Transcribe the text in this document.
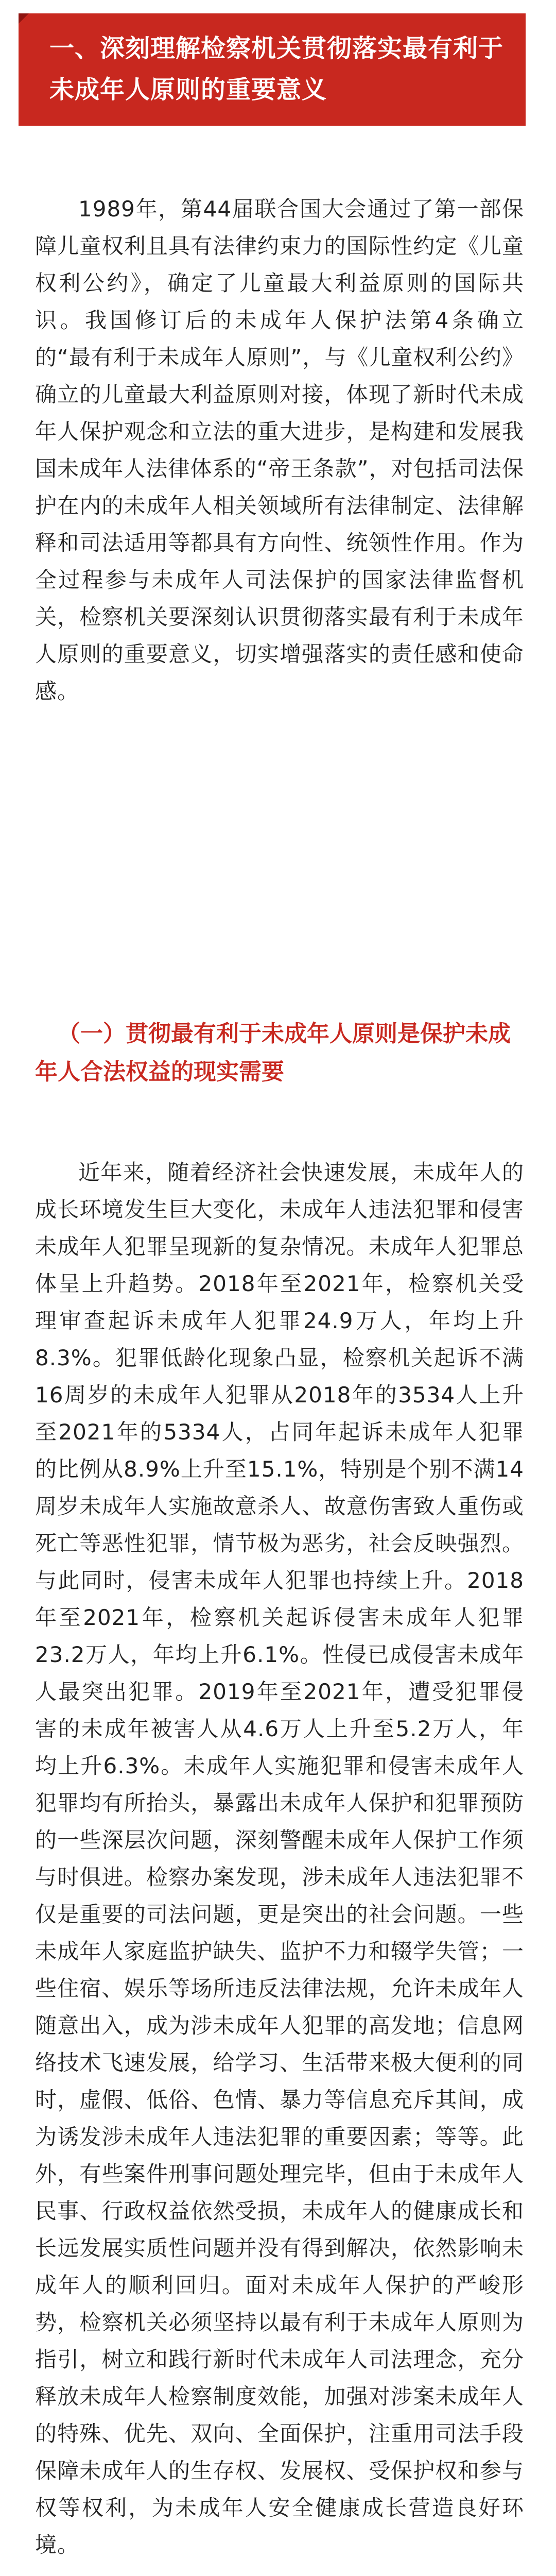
一、深刻理解检察机关贯彻落实最有利于未成年人原则的重要意义

1989年，第44届联合国大会通过了第一部保障儿童权利且具有法律约束力的国际性约定《儿童权利公约》，确定了儿童最大利益原则的国际共识。我国修订后的未成年人保护法第4条确立的“最有利于未成年人原则”，与《儿童权利公约》确立的儿童最大利益原则对接，体现了新时代未成年人保护观念和立法的重大进步，是构建和发展我国未成年人法律体系的“帝王条款”，对包括司法保护在内的未成年人相关领域所有法律制定、法律解释和司法适用等都具有方向性、统领性作用。作为全过程参与未成年人司法保护的国家法律监督机关，检察机关要深刻认识贯彻落实最有利于未成年人原则的重要意义，切实增强落实的责任感和使命感。

（一）贯彻最有利于未成年人原则是保护未成年人合法权益的现实需要

近年来，随着经济社会快速发展，未成年人的成长环境发生巨大变化，未成年人违法犯罪和侵害未成年人犯罪呈现新的复杂情况。未成年人犯罪总体呈上升趋势。2018年至2021年，检察机关受理审查起诉未成年人犯罪24.9万人，年均上升8.3%。犯罪低龄化现象凸显，检察机关起诉不满16周岁的未成年人犯罪从2018年的3534人上升至2021年的5334人，占同年起诉未成年人犯罪的比例从8.9%上升至15.1%，特别是个别不满14周岁未成年人实施故意杀人、故意伤害致人重伤或死亡等恶性犯罪，情节极为恶劣，社会反映强烈。与此同时，侵害未成年人犯罪也持续上升。2018年至2021年，检察机关起诉侵害未成年人犯罪23.2万人，年均上升6.1%。性侵已成侵害未成年人最突出犯罪。2019年至2021年，遭受犯罪侵害的未成年被害人从4.6万人上升至5.2万人，年均上升6.3%。未成年人实施犯罪和侵害未成年人犯罪均有所抬头，暴露出未成年人保护和犯罪预防的一些深层次问题，深刻警醒未成年人保护工作须与时俱进。检察办案发现，涉未成年人违法犯罪不仅是重要的司法问题，更是突出的社会问题。一些未成年人家庭监护缺失、监护不力和辍学失管；一些住宿、娱乐等场所违反法律法规，允许未成年人随意出入，成为涉未成年人犯罪的高发地；信息网络技术飞速发展，给学习、生活带来极大便利的同时，虚假、低俗、色情、暴力等信息充斥其间，成为诱发涉未成年人违法犯罪的重要因素；等等。此外，有些案件刑事问题处理完毕，但由于未成年人民事、行政权益依然受损，未成年人的健康成长和长远发展实质性问题并没有得到解决，依然影响未成年人的顺利回归。面对未成年人保护的严峻形势，检察机关必须坚持以最有利于未成年人原则为指引，树立和践行新时代未成年人司法理念，充分释放未成年人检察制度效能，加强对涉案未成年人的特殊、优先、双向、全面保护，注重用司法手段保障未成年人的生存权、发展权、受保护权和参与权等权利，为未成年人安全健康成长营造良好环境。
